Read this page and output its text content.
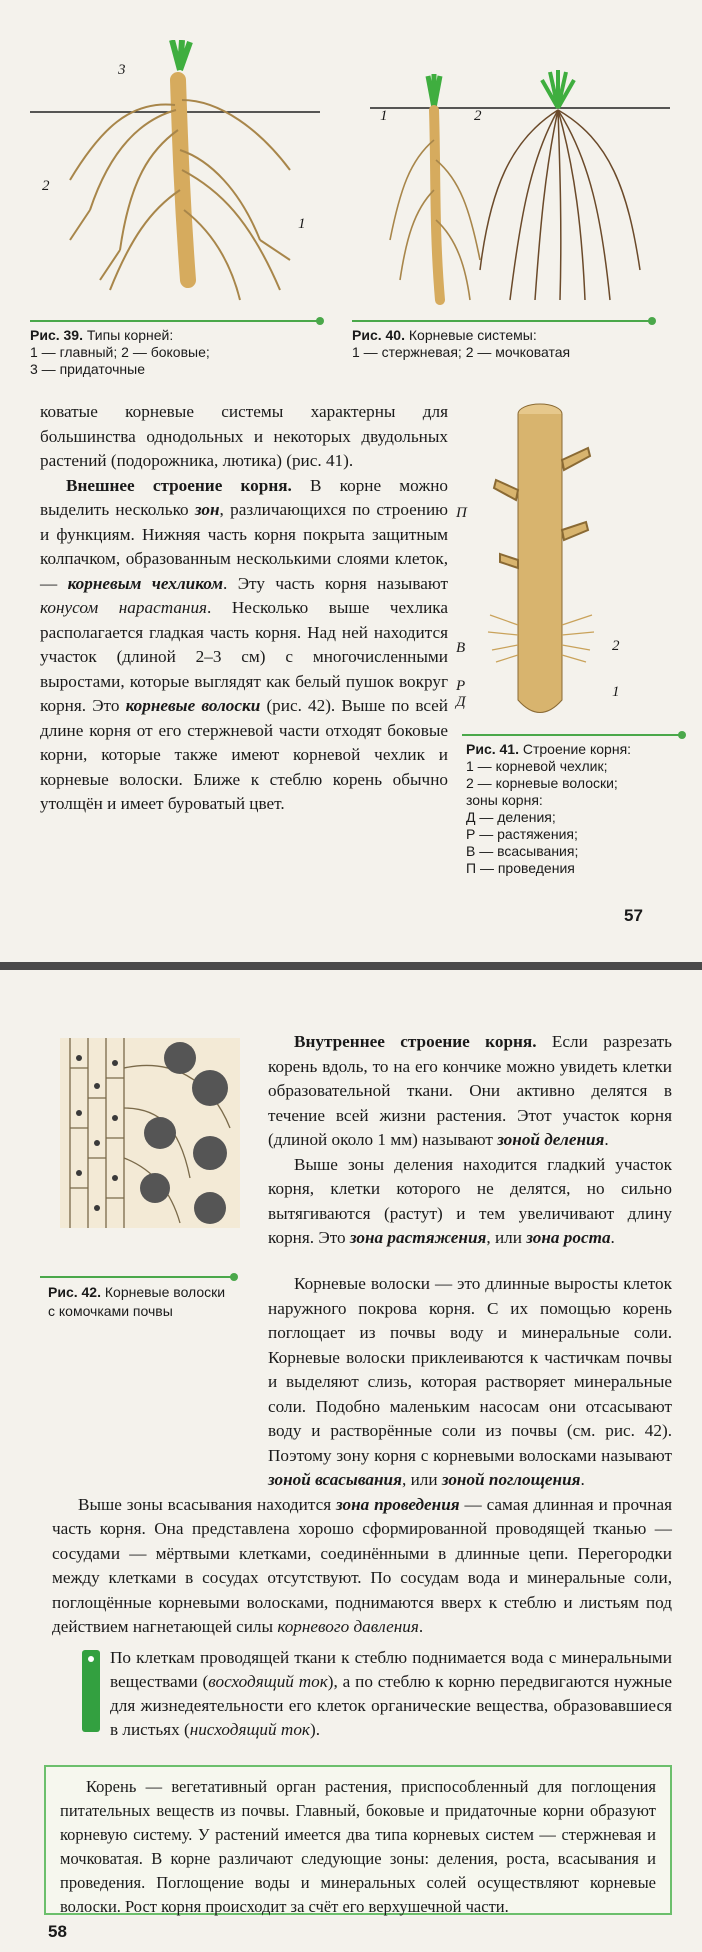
3
2
1
1	2
Рис. 39. Типы корней:
1 — главный; 2 — боковые;
3 — придаточные
Рис. 40. Корневые системы:
1 — стержневая; 2 — мочковатая
П
В
Р
Д
2
1
Рис. 41. Строение корня:
1 — корневой чехлик;
2 — корневые волоски;
зоны корня:
Д — деления;
Р — растяжения;
В — всасывания;
П — проведения

коватые корневые системы характерны для большинства однодольных и некоторых двудольных растений (подорожника, лютика) (рис. 41).

Внешнее строение корня. В корне можно выделить несколько зон, различающихся по строению и функциям. Нижняя часть корня покрыта защитным колпачком, образованным несколькими слоями клеток, — корневым чехликом. Эту часть корня называют конусом нарастания. Несколько выше чехлика располагается гладкая часть корня. Над ней находится участок (длиной 2–3 см) с многочисленными выростами, которые выглядят как белый пушок вокруг корня. Это корневые волоски (рис. 42). Выше по всей длине корня от его стержневой части отходят боковые корни, которые также имеют корневой чехлик и корневые волоски. Ближе к стеблю корень обычно утолщён и имеет буроватый цвет.

57
Рис. 42. Корневые волоски с комочками почвы

Внутреннее строение корня. Если разрезать корень вдоль, то на его кончике можно увидеть клетки образовательной ткани. Они активно делятся в течение всей жизни растения. Этот участок корня (длиной около 1 мм) называют зоной деления.

Выше зоны деления находится гладкий участок корня, клетки которого не делятся, но сильно вытягиваются (растут) и тем увеличивают длину корня. Это зона растяжения, или зона роста.

Корневые волоски — это длинные выросты клеток наружного покрова корня. С их помощью корень поглощает из почвы воду и минеральные соли. Корневые волоски приклеиваются к частичкам почвы и выделяют слизь, которая растворяет минеральные соли. Подобно маленьким насосам они отсасывают воду и растворённые соли из почвы (см. рис. 42). Поэтому зону корня с корневыми волосками называют зоной всасывания, или зоной поглощения.

Выше зоны всасывания находится зона проведения — самая длинная и прочная часть корня. Она представлена хорошо сформированной проводящей тканью — сосудами — мёртвыми клетками, соединёнными в длинные цепи. Перегородки между клетками в сосудах отсутствуют. По сосудам вода и минеральные соли, поглощённые корневыми волосками, поднимаются вверх к стеблю и листьям под действием нагнетающей силы корневого давления.

По клеткам проводящей ткани к стеблю поднимается вода с минеральными веществами (восходящий ток), а по стеблю к корню передвигаются нужные для жизнедеятельности его клеток органические вещества, образовавшиеся в листьях (нисходящий ток).

Корень — вегетативный орган растения, приспособленный для поглощения питательных веществ из почвы. Главный, боковые и придаточные корни образуют корневую систему. У растений имеется два типа корневых систем — стержневая и мочковатая. В корне различают следующие зоны: деления, роста, всасывания и проведения. Поглощение воды и минеральных солей осуществляют корневые волоски. Рост корня происходит за счёт его верхушечной части.

58
